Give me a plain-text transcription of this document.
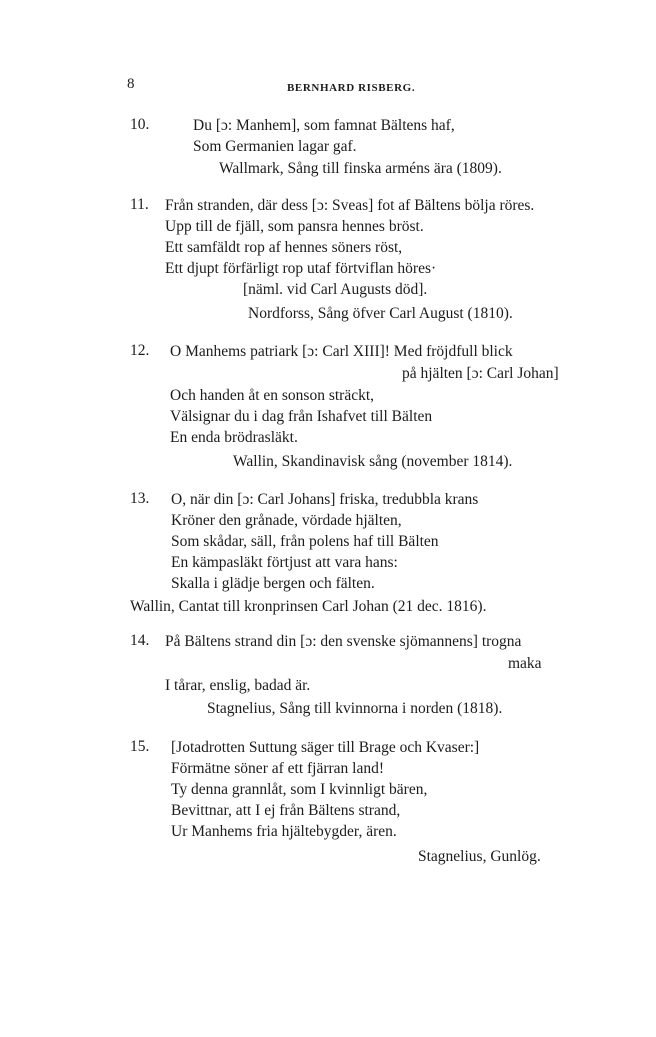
8	BERNHARD RISBERG.
10.	Du [ɔ: Manhem], som famnat Bältens haf,
Som Germanien lagar gaf.
Wallmark, Sång till finska arméns ära (1809).
11. Från stranden, där dess [ɔ: Sveas] fot af Bältens bölja röres.
Upp till de fjäll, som pansra hennes bröst.
Ett samfäldt rop af hennes söners röst,
Ett djupt förfärligt rop utaf förtviflan höres·
[näml. vid Carl Augusts död].
Nordforss, Sång öfver Carl August (1810).
12. O Manhems patriark [ɔ: Carl XIII]! Med fröjdfull blick
på hjälten [ɔ: Carl Johan]
Och handen åt en sonson sträckt,
Välsignar du i dag från Ishafvet till Bälten
En enda brödrasläkt.
Wallin, Skandinavisk sång (november 1814).
13. O, när din [ɔ: Carl Johans] friska, tredubbla krans
Kröner den grånade, vördade hjälten,
Som skådar, säll, från polens haf till Bälten
En kämpasläkt förtjust att vara hans:
Skalla i glädje bergen och fälten.
Wallin, Cantat till kronprinsen Carl Johan (21 dec. 1816).
14. På Bältens strand din [ɔ: den svenske sjömannens] trogna
maka
I tårar, enslig, badad är.
Stagnelius, Sång till kvinnorna i norden (1818).
15. [Jotadrotten Suttung säger till Brage och Kvaser:]
Förmätne söner af ett fjärran land!
Ty denna grannlåt, som I kvinnligt bären,
Bevittnar, att I ej från Bältens strand,
Ur Manhems fria hjältebygder, ären.
Stagnelius, Gunlög.
